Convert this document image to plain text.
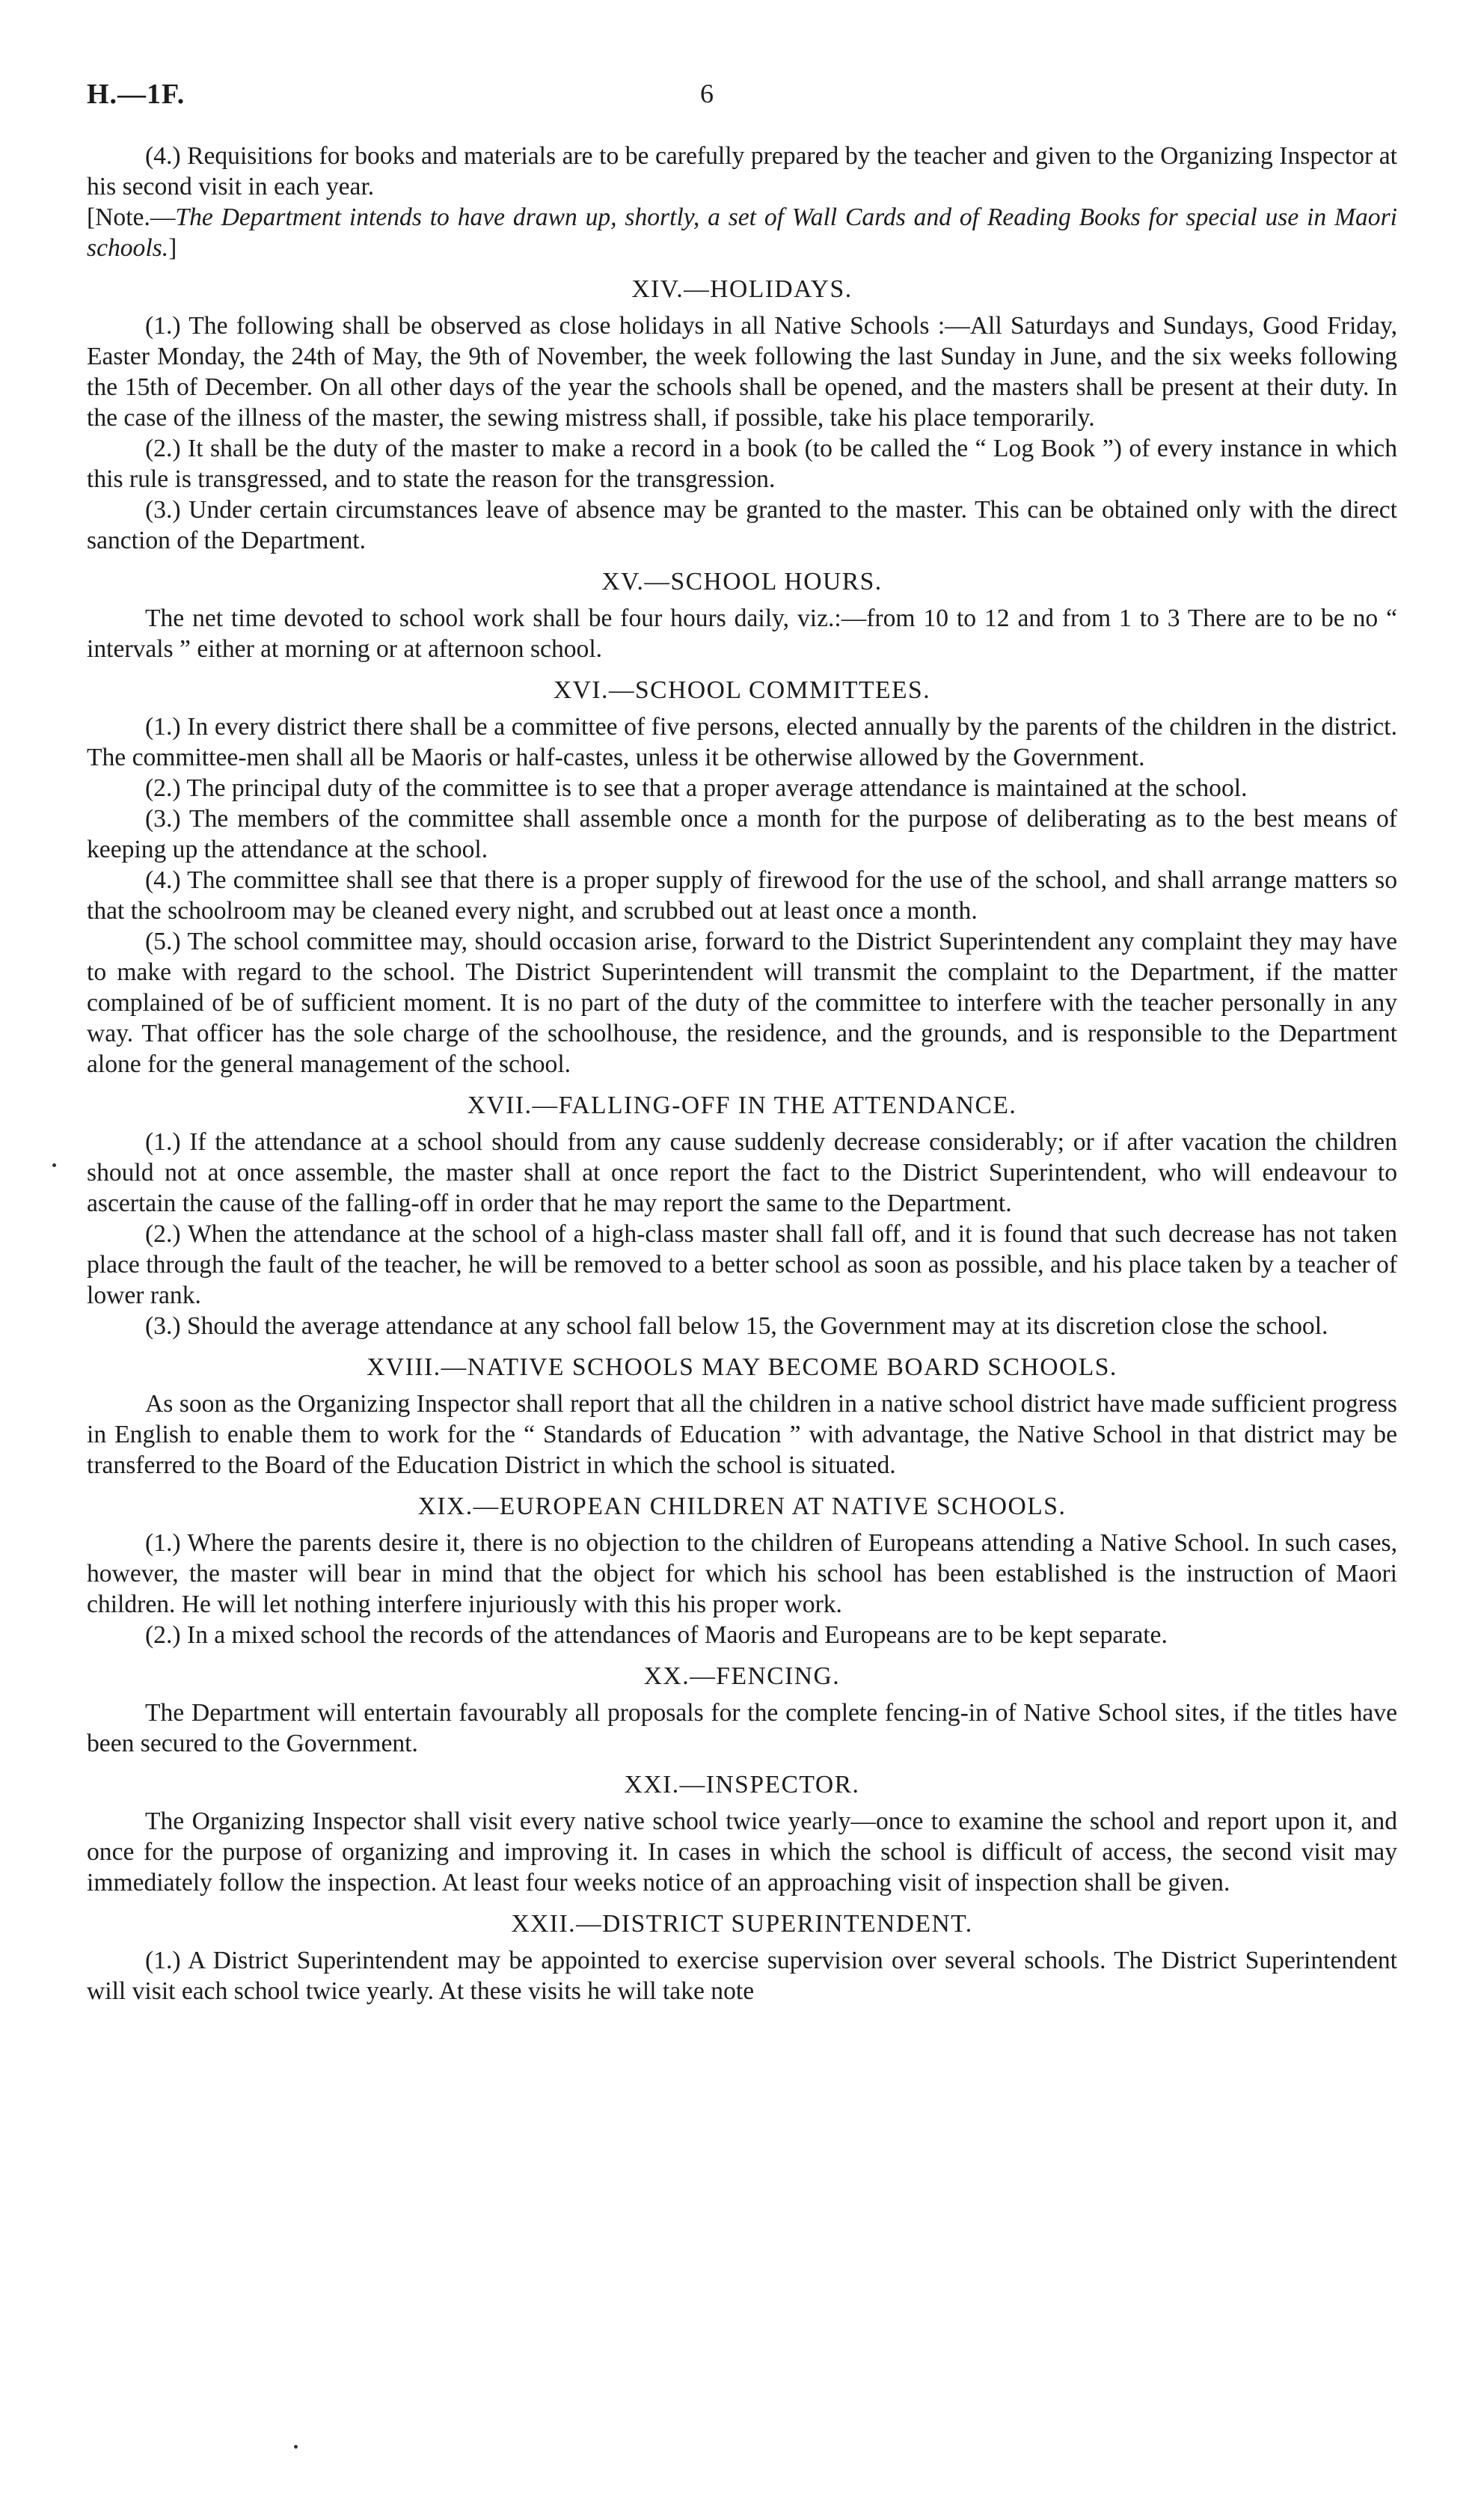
H.—1F.	6

(4.) Requisitions for books and materials are to be carefully prepared by the teacher and given to the Organizing Inspector at his second visit in each year.

[Note.—The Department intends to have drawn up, shortly, a set of Wall Cards and of Reading Books for special use in Maori schools.]

XIV.—HOLIDAYS.

(1.) The following shall be observed as close holidays in all Native Schools :—All Saturdays and Sundays, Good Friday, Easter Monday, the 24th of May, the 9th of November, the week following the last Sunday in June, and the six weeks following the 15th of December. On all other days of the year the schools shall be opened, and the masters shall be present at their duty. In the case of the illness of the master, the sewing mistress shall, if possible, take his place temporarily.

(2.) It shall be the duty of the master to make a record in a book (to be called the “ Log Book ”) of every instance in which this rule is transgressed, and to state the reason for the transgression.

(3.) Under certain circumstances leave of absence may be granted to the master. This can be obtained only with the direct sanction of the Department.

XV.—SCHOOL HOURS.

The net time devoted to school work shall be four hours daily, viz.:—from 10 to 12 and from 1 to 3 There are to be no “ intervals ” either at morning or at afternoon school.

XVI.—SCHOOL COMMITTEES.

(1.) In every district there shall be a committee of five persons, elected annually by the parents of the children in the district. The committee-men shall all be Maoris or half-castes, unless it be otherwise allowed by the Government.

(2.) The principal duty of the committee is to see that a proper average attendance is maintained at the school.

(3.) The members of the committee shall assemble once a month for the purpose of deliberating as to the best means of keeping up the attendance at the school.

(4.) The committee shall see that there is a proper supply of firewood for the use of the school, and shall arrange matters so that the schoolroom may be cleaned every night, and scrubbed out at least once a month.

(5.) The school committee may, should occasion arise, forward to the District Superintendent any complaint they may have to make with regard to the school. The District Superintendent will transmit the complaint to the Department, if the matter complained of be of sufficient moment. It is no part of the duty of the committee to interfere with the teacher personally in any way. That officer has the sole charge of the schoolhouse, the residence, and the grounds, and is responsible to the Department alone for the general management of the school.

XVII.—FALLING-OFF IN THE ATTENDANCE.

(1.) If the attendance at a school should from any cause suddenly decrease considerably; or if after vacation the children should not at once assemble, the master shall at once report the fact to the District Superintendent, who will endeavour to ascertain the cause of the falling-off in order that he may report the same to the Department.

(2.) When the attendance at the school of a high-class master shall fall off, and it is found that such decrease has not taken place through the fault of the teacher, he will be removed to a better school as soon as possible, and his place taken by a teacher of lower rank.

(3.) Should the average attendance at any school fall below 15, the Government may at its discretion close the school.

XVIII.—NATIVE SCHOOLS MAY BECOME BOARD SCHOOLS.

As soon as the Organizing Inspector shall report that all the children in a native school district have made sufficient progress in English to enable them to work for the “ Standards of Education ” with advantage, the Native School in that district may be transferred to the Board of the Education District in which the school is situated.

XIX.—EUROPEAN CHILDREN AT NATIVE SCHOOLS.

(1.) Where the parents desire it, there is no objection to the children of Europeans attending a Native School. In such cases, however, the master will bear in mind that the object for which his school has been established is the instruction of Maori children. He will let nothing interfere injuriously with this his proper work.

(2.) In a mixed school the records of the attendances of Maoris and Europeans are to be kept separate.

XX.—FENCING.

The Department will entertain favourably all proposals for the complete fencing-in of Native School sites, if the titles have been secured to the Government.

XXI.—INSPECTOR.

The Organizing Inspector shall visit every native school twice yearly—once to examine the school and report upon it, and once for the purpose of organizing and improving it. In cases in which the school is difficult of access, the second visit may immediately follow the inspection. At least four weeks notice of an approaching visit of inspection shall be given.

XXII.—DISTRICT SUPERINTENDENT.

(1.) A District Superintendent may be appointed to exercise supervision over several schools. The District Superintendent will visit each school twice yearly. At these visits he will take note
